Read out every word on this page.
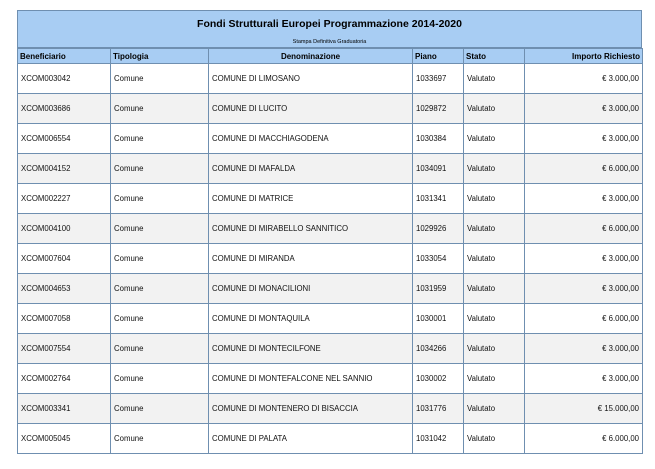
Fondi Strutturali Europei Programmazione 2014-2020
Stampa Definitiva Graduatoria
Beneficiario	Tipologia	Denominazione	Piano	Stato	Importo Richiesto
XCOM003042	Comune	COMUNE DI LIMOSANO	1033697	Valutato	€ 3.000,00
XCOM003686	Comune	COMUNE DI LUCITO	1029872	Valutato	€ 3.000,00
XCOM006554	Comune	COMUNE DI MACCHIAGODENA	1030384	Valutato	€ 3.000,00
XCOM004152	Comune	COMUNE DI MAFALDA	1034091	Valutato	€ 6.000,00
XCOM002227	Comune	COMUNE DI MATRICE	1031341	Valutato	€ 3.000,00
XCOM004100	Comune	COMUNE DI MIRABELLO SANNITICO	1029926	Valutato	€ 6.000,00
XCOM007604	Comune	COMUNE DI MIRANDA	1033054	Valutato	€ 3.000,00
XCOM004653	Comune	COMUNE DI MONACILIONI	1031959	Valutato	€ 3.000,00
XCOM007058	Comune	COMUNE DI MONTAQUILA	1030001	Valutato	€ 6.000,00
XCOM007554	Comune	COMUNE DI MONTECILFONE	1034266	Valutato	€ 3.000,00
XCOM002764	Comune	COMUNE DI MONTEFALCONE NEL SANNIO	1030002	Valutato	€ 3.000,00
XCOM003341	Comune	COMUNE DI MONTENERO DI BISACCIA	1031776	Valutato	€ 15.000,00
XCOM005045	Comune	COMUNE DI PALATA	1031042	Valutato	€ 6.000,00
